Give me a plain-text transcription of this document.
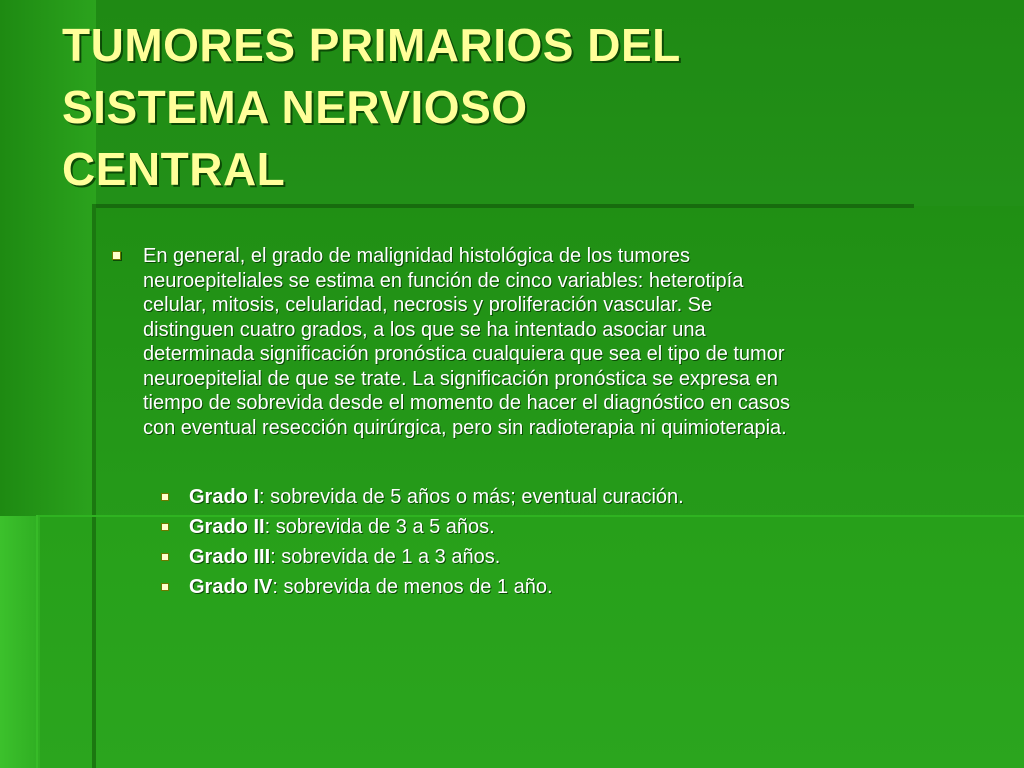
TUMORES PRIMARIOS DEL
SISTEMA NERVIOSO
CENTRAL

En general, el grado de malignidad histológica de los tumores
neuroepiteliales se estima en función de cinco variables: heterotipía
celular, mitosis, celularidad, necrosis y proliferación vascular. Se
distinguen cuatro grados, a los que se ha intentado asociar una
determinada significación pronóstica cualquiera que sea el tipo de tumor
neuroepitelial de que se trate. La significación pronóstica se expresa en
tiempo de sobrevida desde el momento de hacer el diagnóstico en casos
con eventual resección quirúrgica, pero sin radioterapia ni quimioterapia.

Grado I: sobrevida de 5 años o más; eventual curación.
Grado II: sobrevida de 3 a 5 años.
Grado III: sobrevida de 1 a 3 años.
Grado IV: sobrevida de menos de 1 año.
